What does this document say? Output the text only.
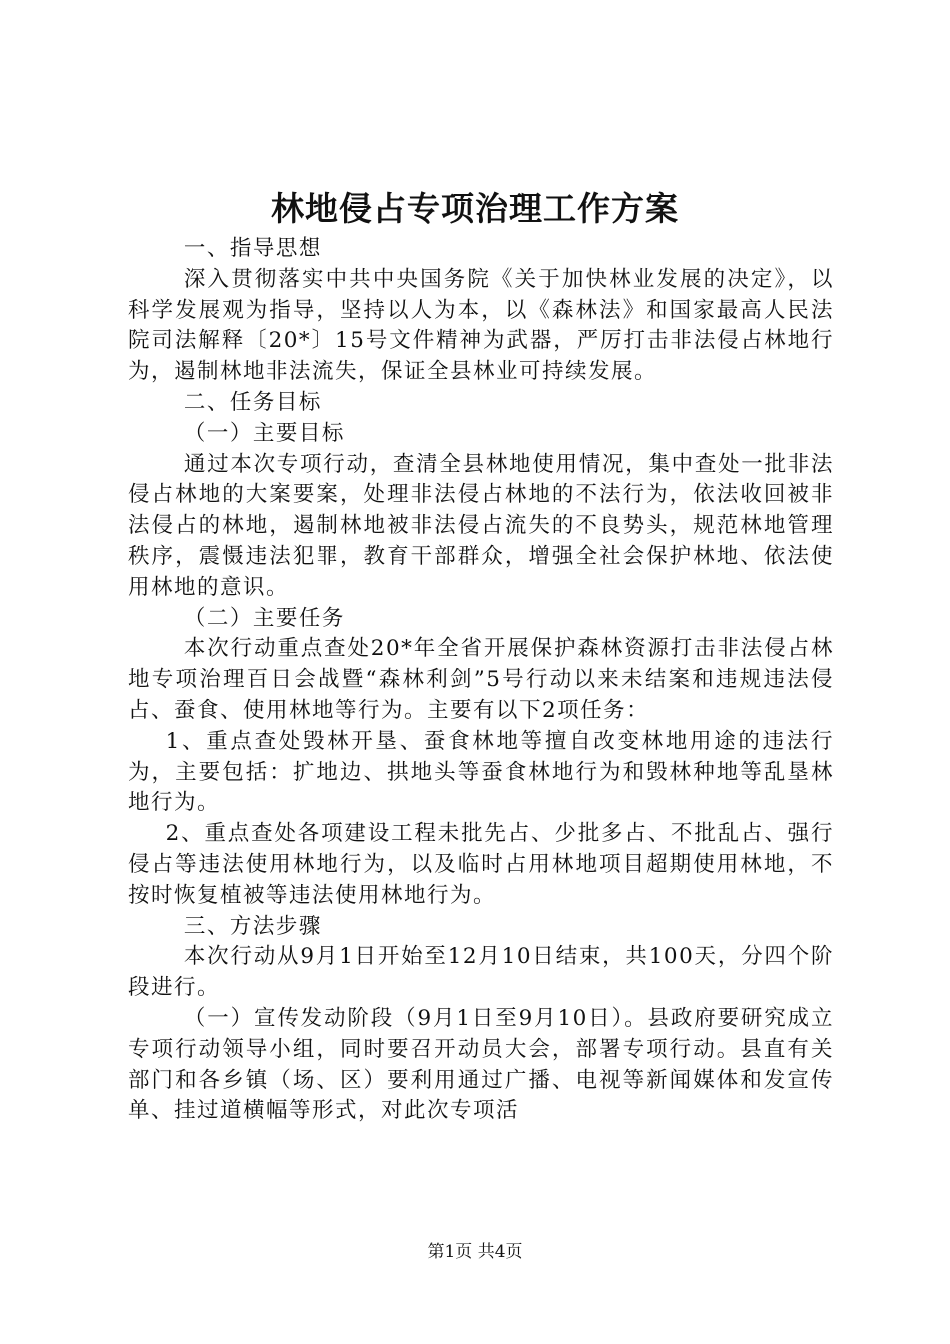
林地侵占专项治理工作方案

一、指导思想

深入贯彻落实中共中央国务院《关于加快林业发展的决定》，以科学发展观为指导，坚持以人为本，以《森林法》和国家最高人民法院司法解释〔20*〕15号文件精神为武器，严厉打击非法侵占林地行为，遏制林地非法流失，保证全县林业可持续发展。

二、任务目标

（一）主要目标

通过本次专项行动，查清全县林地使用情况，集中查处一批非法侵占林地的大案要案，处理非法侵占林地的不法行为，依法收回被非法侵占的林地，遏制林地被非法侵占流失的不良势头，规范林地管理秩序，震慑违法犯罪，教育干部群众，增强全社会保护林地、依法使用林地的意识。

（二）主要任务

本次行动重点查处20*年全省开展保护森林资源打击非法侵占林地专项治理百日会战暨“森林利剑”5号行动以来未结案和违规违法侵占、蚕食、使用林地等行为。主要有以下2项任务：

1、重点查处毁林开垦、蚕食林地等擅自改变林地用途的违法行为，主要包括：扩地边、拱地头等蚕食林地行为和毁林种地等乱垦林地行为。

2、重点查处各项建设工程未批先占、少批多占、不批乱占、强行侵占等违法使用林地行为，以及临时占用林地项目超期使用林地，不按时恢复植被等违法使用林地行为。

三、方法步骤

本次行动从9月1日开始至12月10日结束，共100天，分四个阶段进行。

（一）宣传发动阶段（9月1日至9月10日）。县政府要研究成立专项行动领导小组，同时要召开动员大会，部署专项行动。县直有关部门和各乡镇（场、区）要利用通过广播、电视等新闻媒体和发宣传单、挂过道横幅等形式，对此次专项活

第1页 共4页
